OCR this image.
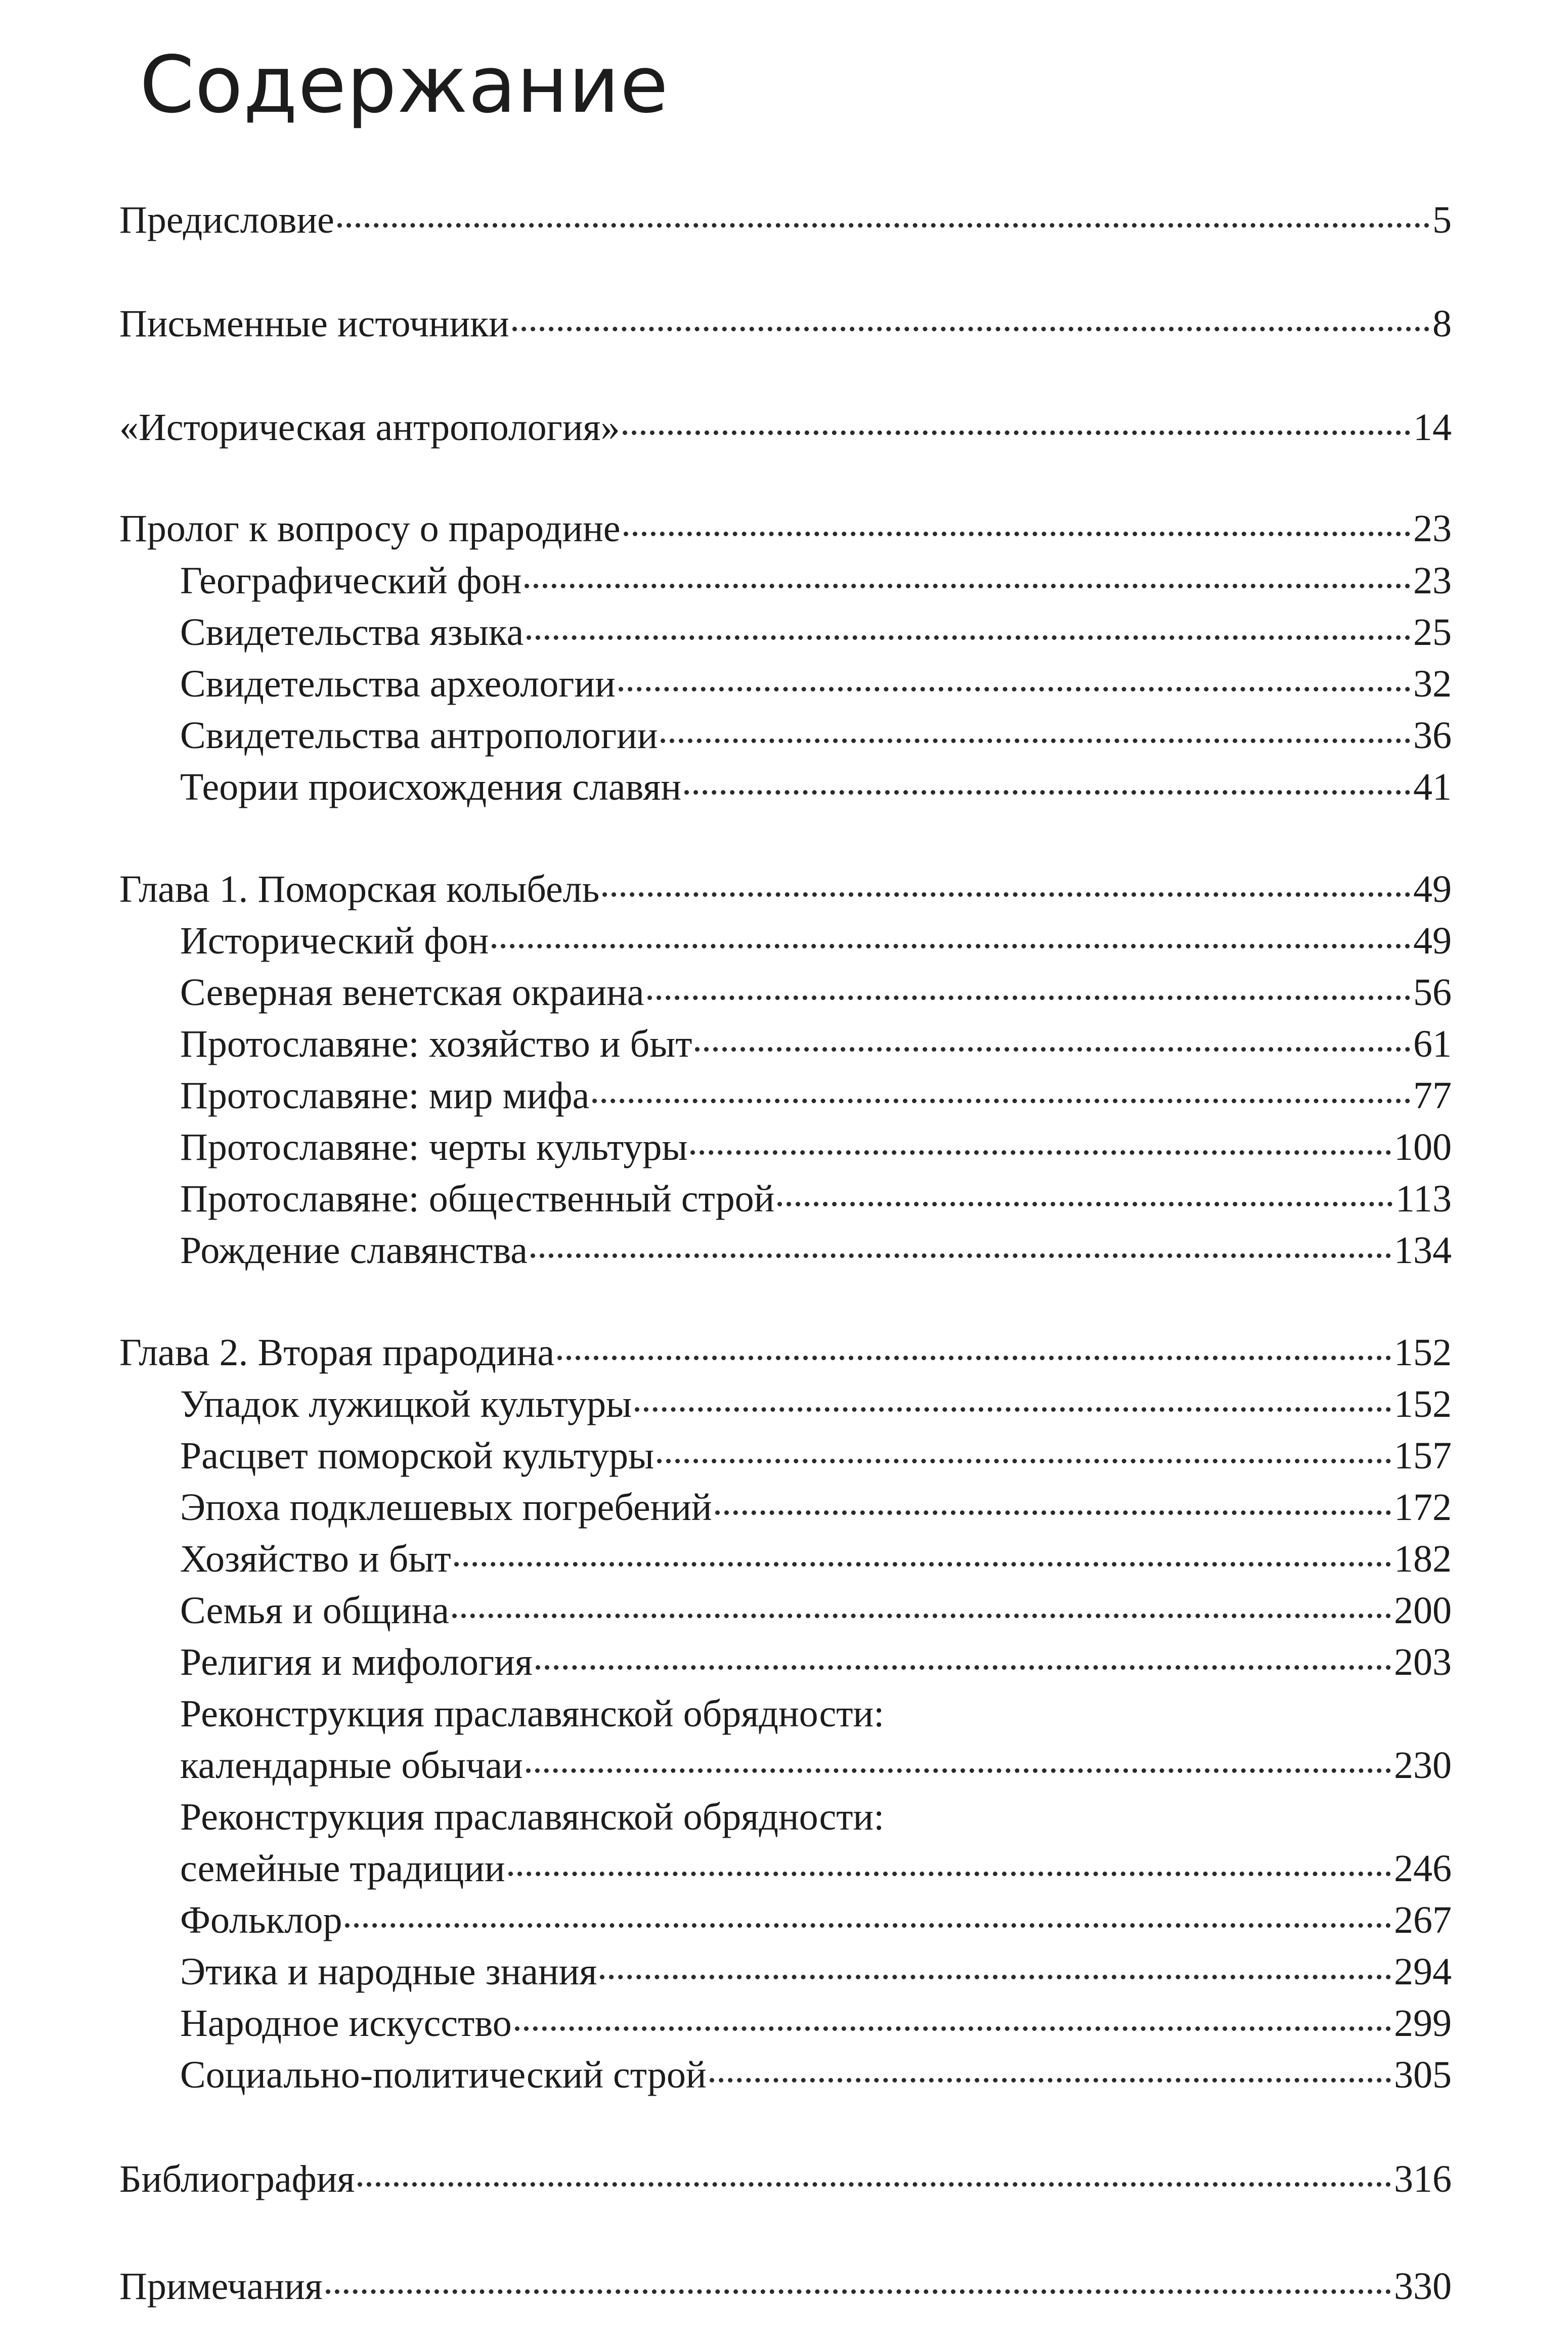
Содержание
Предисловие	5
Письменные источники	8
«Историческая антропология»	14
Пролог к вопросу о прародине	23
Географический фон	23
Свидетельства языка	25
Свидетельства археологии	32
Свидетельства антропологии	36
Теории происхождения славян	41
Глава 1. Поморская колыбель	49
Исторический фон	49
Северная венетская окраина	56
Протославяне: хозяйство и быт	61
Протославяне: мир мифа	77
Протославяне: черты культуры	100
Протославяне: общественный строй	113
Рождение славянства	134
Глава 2. Вторая прародина	152
Упадок лужицкой культуры	152
Расцвет поморской культуры	157
Эпоха подклешевых погребений	172
Хозяйство и быт	182
Семья и община	200
Религия и мифология	203
Реконструкция праславянской обрядности:
календарные обычаи	230
Реконструкция праславянской обрядности:
семейные традиции	246
Фольклор	267
Этика и народные знания	294
Народное искусство	299
Социально-политический строй	305
Библиография	316
Примечания	330
